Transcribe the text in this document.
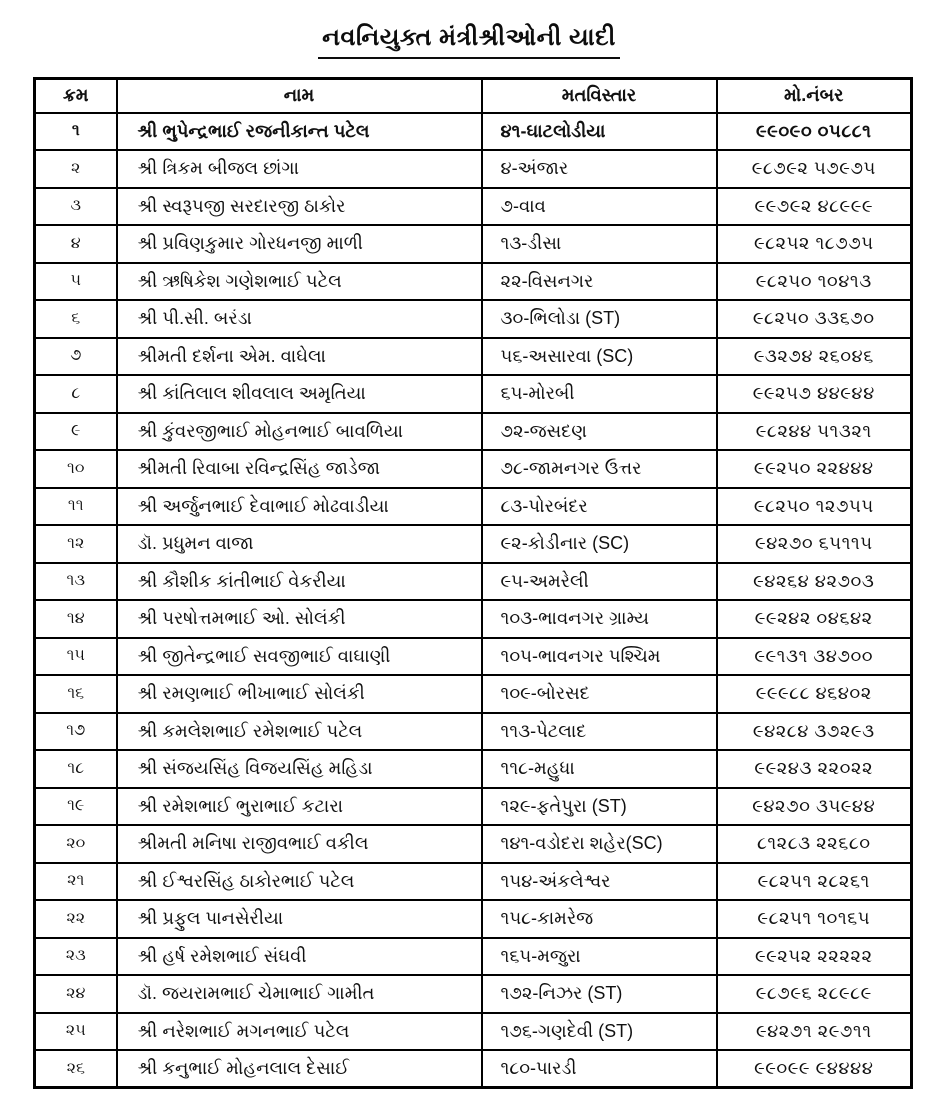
નવનિયુક્ત મંત્રીશ્રીઓની યાદી
ક્રમ	નામ	મતવિસ્તાર	મો.નંબર
૧	શ્રી ભુપેન્દ્રભાઈ રજનીકાન્ત પટેલ	૪૧-ઘાટલોડીયા	૯૯૦૯૦ ૦૫૮૮૧
૨	શ્રી ત્રિકમ બીજલ છાંગા	૪-અંજાર	૯૮૭૯૨ ૫૭૯૭૫
૩	શ્રી સ્વરૂપજી સરદારજી ઠાકોર	૭-વાવ	૯૯૭૯૨ ૪૮૯૯૯
૪	શ્રી પ્રવિણકુમાર ગોરધનજી માળી	૧૩-ડીસા	૯૮૨૫૨ ૧૮૭૭૫
૫	શ્રી ઋષિકેશ ગણેશભાઈ પટેલ	૨૨-વિસનગર	૯૮૨૫૦ ૧૦૪૧૩
૬	શ્રી પી.સી. બરંડા	૩૦-ભિલોડા (ST)	૯૮૨૫૦ ૩૩૬૭૦
૭	શ્રીમતી દર્શના એમ. વાઘેલા	૫૬-અસારવા (SC)	૯૩૨૭૪ ૨૬૦૪૬
૮	શ્રી કાંતિલાલ શીવલાલ અમૃતિયા	૬૫-મોરબી	૯૯૨૫૭ ૪૪૯૪૪
૯	શ્રી કુંવરજીભાઈ મોહનભાઈ બાવળિયા	૭૨-જસદણ	૯૮૨૪૪ ૫૧૩૨૧
૧૦	શ્રીમતી રિવાબા રવિન્દ્રસિંહ જાડેજા	૭૮-જામનગર ઉત્તર	૯૯૨૫૦ ૨૨૪૪૪
૧૧	શ્રી અર્જુનભાઈ દેવાભાઈ મોઢવાડીયા	૮૩-પોરબંદર	૯૮૨૫૦ ૧૨૭૫૫
૧૨	ડૉ. પ્રધુમન વાજા	૯૨-કોડીનાર (SC)	૯૪૨૭૦ ૬૫૧૧૫
૧૩	શ્રી કૌશીક કાંતીભાઈ વેકરીયા	૯૫-અમરેલી	૯૪૨૬૪ ૪૨૭૦૩
૧૪	શ્રી પરષોત્તમભાઈ ઓ. સોલંકી	૧૦૩-ભાવનગર ગ્રામ્ય	૯૯૨૪૨ ૦૪૬૪૨
૧૫	શ્રી જીતેન્દ્રભાઈ સવજીભાઈ વાઘાણી	૧૦૫-ભાવનગર પશ્ચિમ	૯૯૧૩૧ ૩૪૭૦૦
૧૬	શ્રી રમણભાઈ ભીખાભાઈ સોલંકી	૧૦૯-બોરસદ	૯૯૯૮૮ ૪૬૪૦૨
૧૭	શ્રી કમલેશભાઈ રમેશભાઈ પટેલ	૧૧૩-પેટલાદ	૯૪૨૮૪ ૩૭૨૯૩
૧૮	શ્રી સંજયસિંહ વિજયસિંહ મહિડા	૧૧૮-મહુધા	૯૯૨૪૩ ૨૨૦૨૨
૧૯	શ્રી રમેશભાઈ ભુરાભાઈ કટારા	૧૨૯-ફતેપુરા (ST)	૯૪૨૭૦ ૩૫૯૪૪
૨૦	શ્રીમતી મનિષા રાજીવભાઈ વકીલ	૧૪૧-વડોદરા શહેર(SC)	૮૧૨૮૩ ૨૨૬૮૦
૨૧	શ્રી ઈશ્વરસિંહ ઠાકોરભાઈ પટેલ	૧૫૪-અંકલેશ્વર	૯૮૨૫૧ ૨૮૨૬૧
૨૨	શ્રી પ્રફુલ પાનસેરીયા	૧૫૮-કામરેજ	૯૮૨૫૧ ૧૦૧૬૫
૨૩	શ્રી હર્ષ રમેશભાઈ સંઘવી	૧૬૫-મજુરા	૯૯૨૫૨ ૨૨૨૨૨
૨૪	ડૉ. જયરામભાઈ ચેમાભાઈ ગામીત	૧૭૨-નિઝર (ST)	૯૮૭૯૬ ૨૮૯૮૯
૨૫	શ્રી નરેશભાઈ મગનભાઈ પટેલ	૧૭૬-ગણદેવી (ST)	૯૪૨૭૧ ૨૯૭૧૧
૨૬	શ્રી કનુભાઈ મોહનલાલ દેસાઈ	૧૮૦-પારડી	૯૯૦૯૯ ૯૪૪૪૪
